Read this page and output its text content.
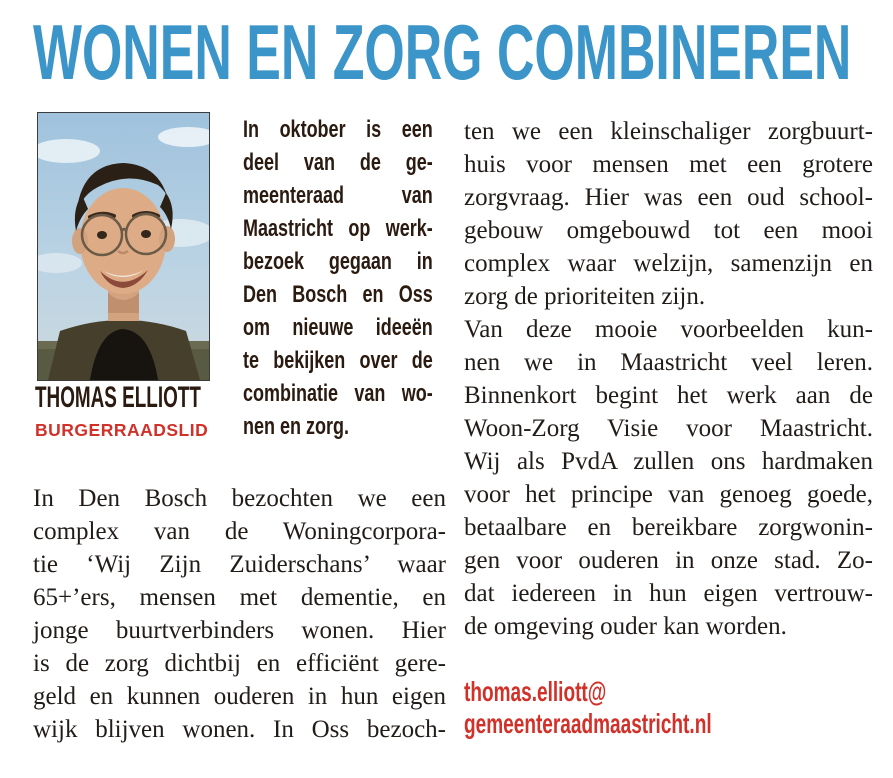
WONEN EN ZORG COMBINEREN
THOMAS ELLIOTT
BURGERRAADSLID
In oktober is een
deel van de ge-
meenteraad van
Maastricht op werk-
bezoek gegaan in
Den Bosch en Oss
om nieuwe ideeën
te bekijken over de
combinatie van wo-
nen en zorg.
In Den Bosch bezochten we een
complex van de Woningcorpora-
tie ‘Wij Zijn Zuiderschans’ waar
65+’ers, mensen met dementie, en
jonge buurtverbinders wonen. Hier
is de zorg dichtbij en efficiënt gere-
geld en kunnen ouderen in hun eigen
wijk blijven wonen. In Oss bezoch-
ten we een kleinschaliger zorgbuurt-
huis voor mensen met een grotere
zorgvraag. Hier was een oud school-
gebouw omgebouwd tot een mooi
complex waar welzijn, samenzijn en
zorg de prioriteiten zijn.
Van deze mooie voorbeelden kun-
nen we in Maastricht veel leren.
Binnenkort begint het werk aan de
Woon-Zorg Visie voor Maastricht.
Wij als PvdA zullen ons hardmaken
voor het principe van genoeg goede,
betaalbare en bereikbare zorgwonin-
gen voor ouderen in onze stad. Zo-
dat iedereen in hun eigen vertrouw-
de omgeving ouder kan worden.
thomas.elliott@
gemeenteraadmaastricht.nl
